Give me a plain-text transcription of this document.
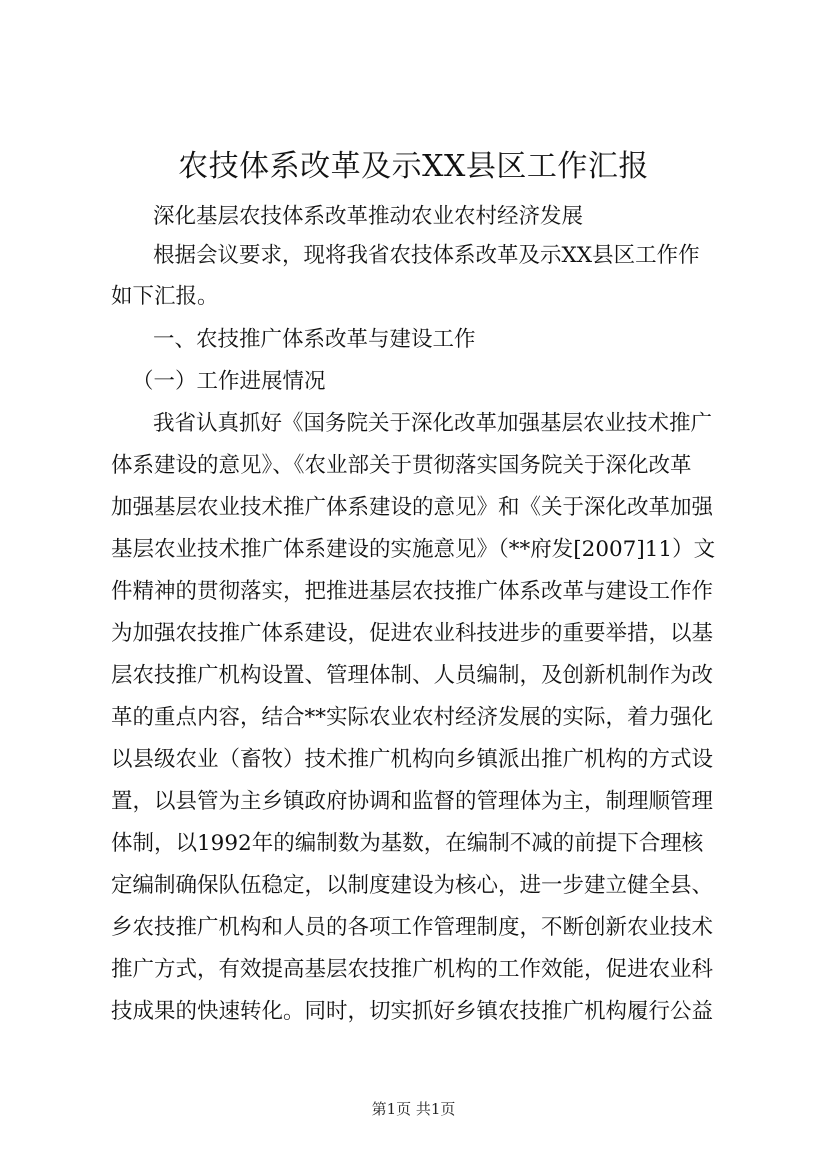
农技体系改革及示XX县区工作汇报
深化基层农技体系改革推动农业农村经济发展
根据会议要求，现将我省农技体系改革及示XX县区工作作
如下汇报。
一、农技推广体系改革与建设工作
（一）工作进展情况
我省认真抓好《国务院关于深化改革加强基层农业技术推广
体系建设的意见》、《农业部关于贯彻落实国务院关于深化改革
加强基层农业技术推广体系建设的意见》和《关于深化改革加强
基层农业技术推广体系建设的实施意见》（**府发[2007]11）文
件精神的贯彻落实，把推进基层农技推广体系改革与建设工作作
为加强农技推广体系建设，促进农业科技进步的重要举措，以基
层农技推广机构设置、管理体制、人员编制，及创新机制作为改
革的重点内容，结合**实际农业农村经济发展的实际，着力强化
以县级农业（畜牧）技术推广机构向乡镇派出推广机构的方式设
置，以县管为主乡镇政府协调和监督的管理体为主，制理顺管理
体制，以1992年的编制数为基数，在编制不减的前提下合理核
定编制确保队伍稳定，以制度建设为核心，进一步建立健全县、
乡农技推广机构和人员的各项工作管理制度，不断创新农业技术
推广方式，有效提高基层农技推广机构的工作效能，促进农业科
技成果的快速转化。同时，切实抓好乡镇农技推广机构履行公益
第1页 共1页
